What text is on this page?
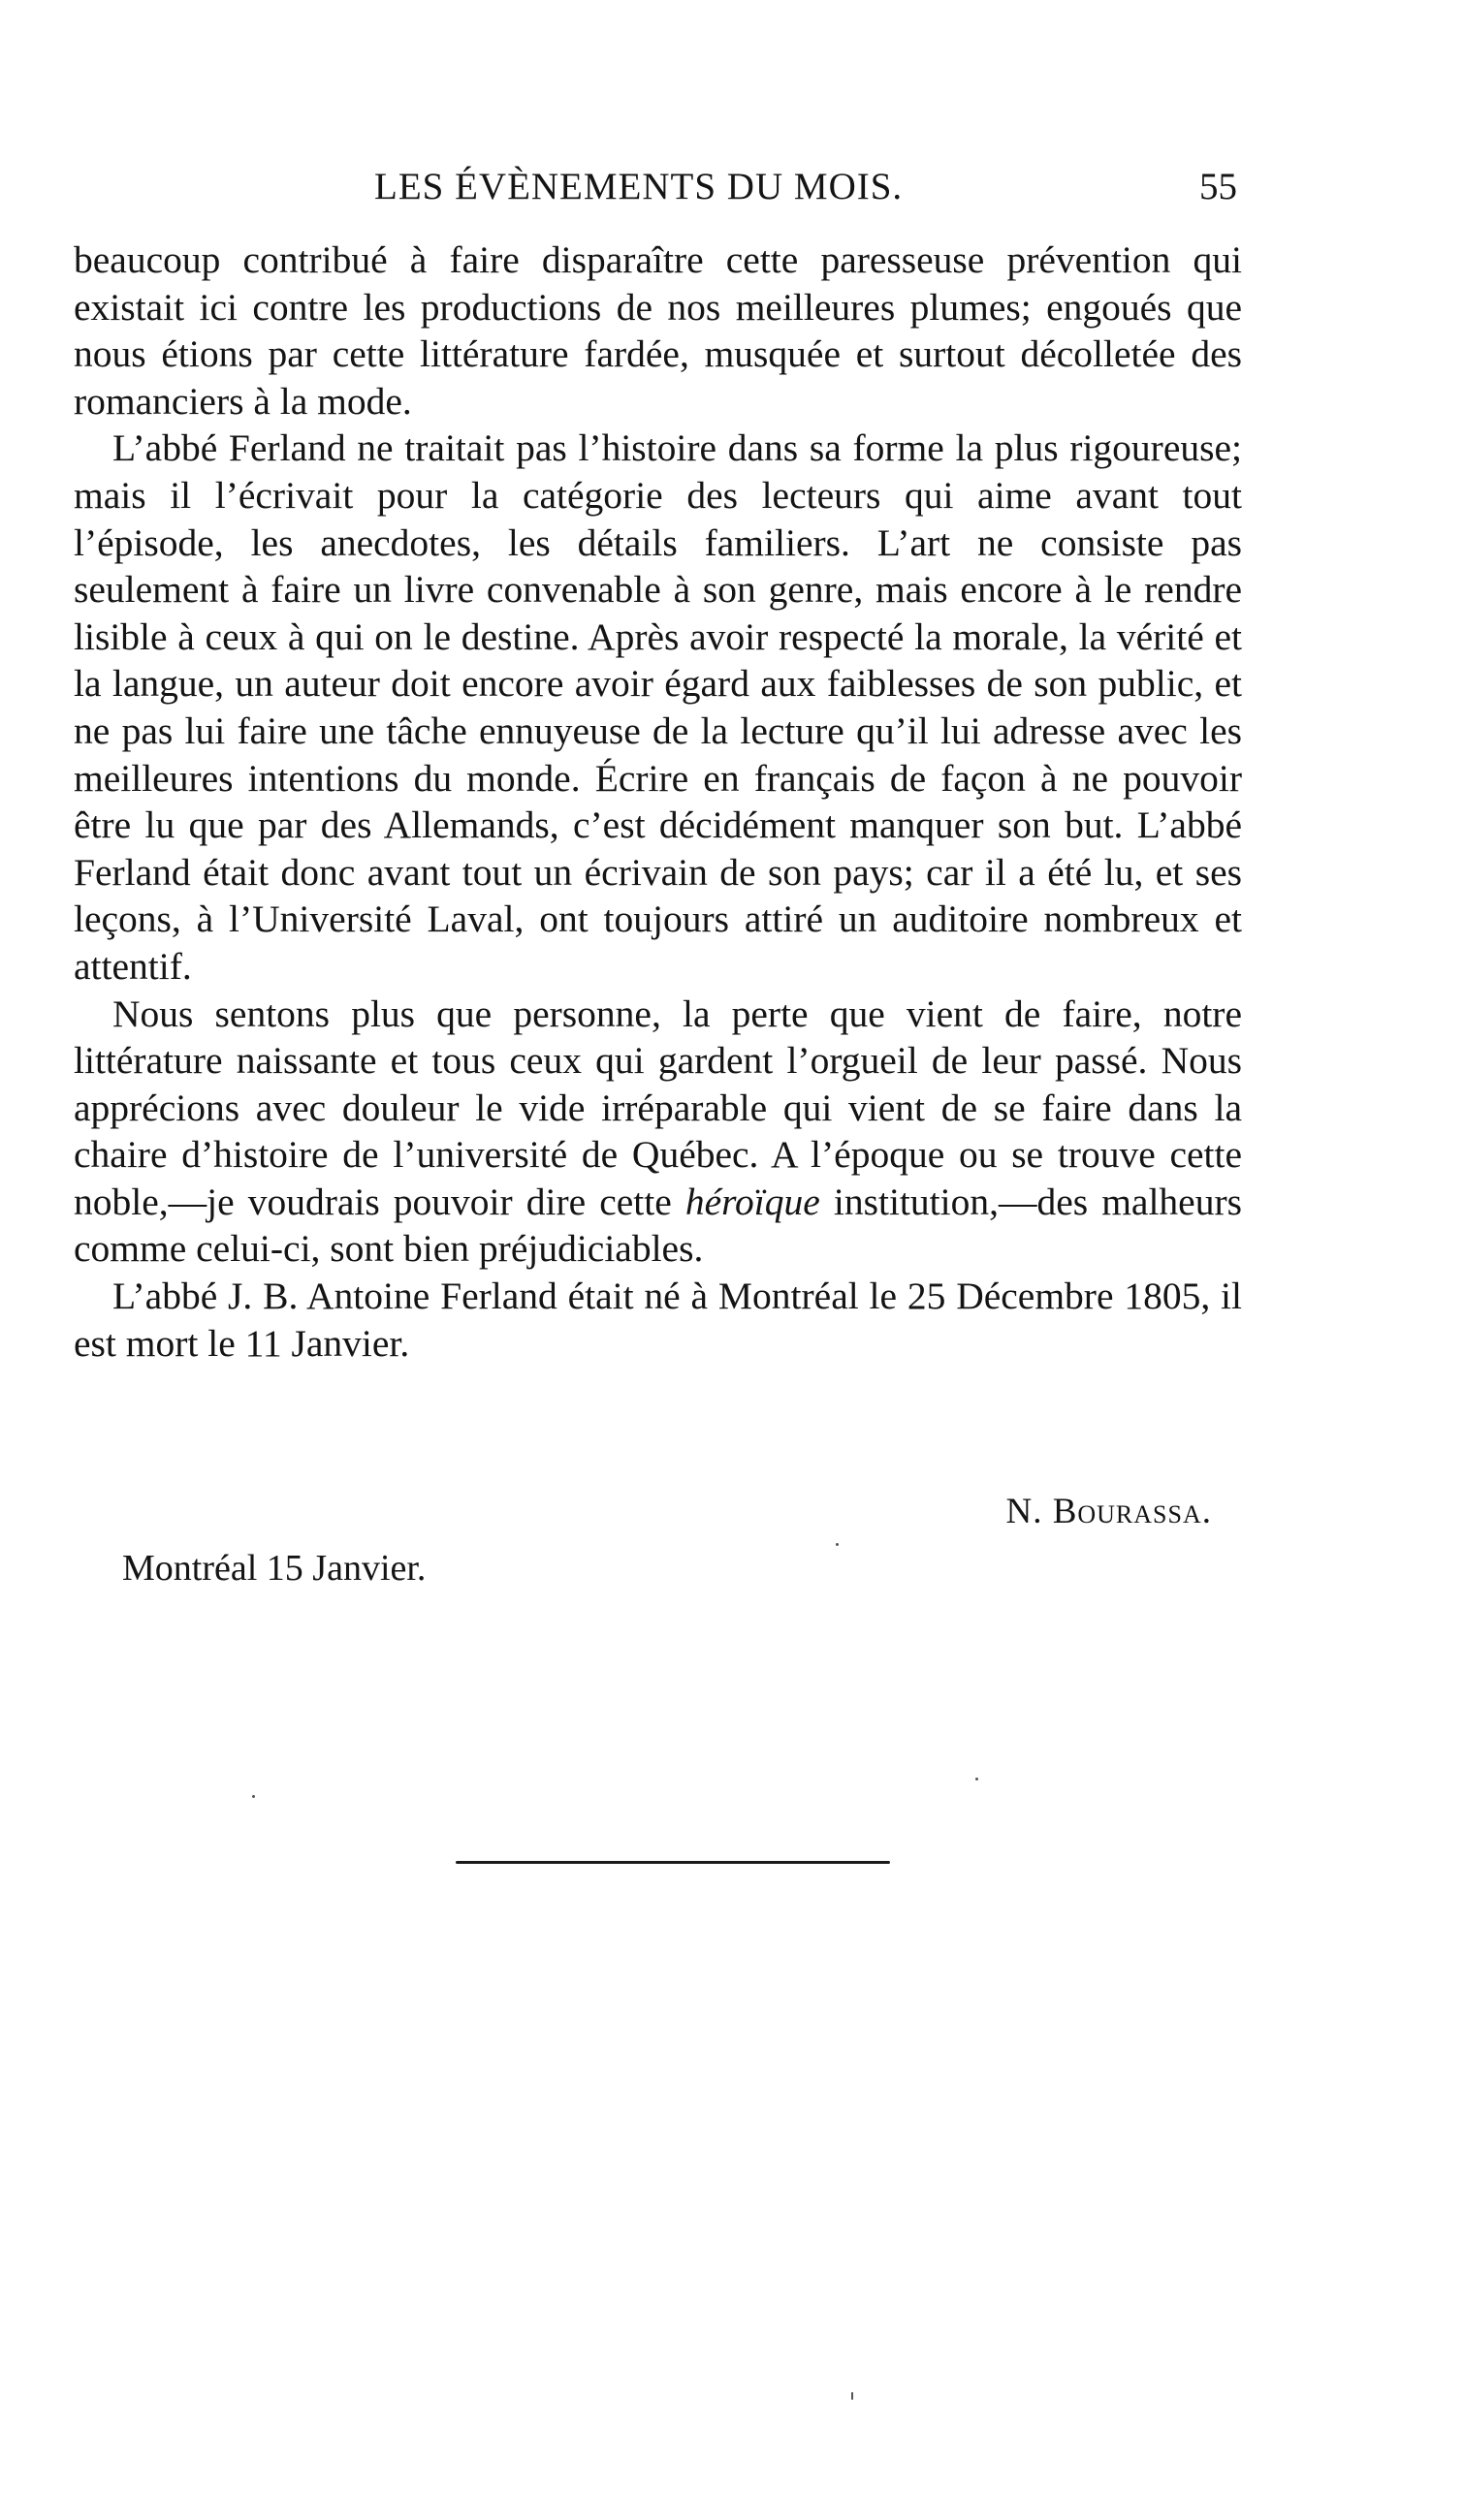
LES ÉVÈNEMENTS DU MOIS.	55

beaucoup contribué à faire disparaître cette paresseuse prévention qui existait ici contre les productions de nos meilleures plumes; engoués que nous étions par cette littérature fardée, musquée et surtout décolletée des romanciers à la mode.

L’abbé Ferland ne traitait pas l’histoire dans sa forme la plus rigoureuse; mais il l’écrivait pour la catégorie des lecteurs qui aime avant tout l’épisode, les anecdotes, les détails familiers. L’art ne consiste pas seulement à faire un livre convenable à son genre, mais encore à le rendre lisible à ceux à qui on le destine. Après avoir respecté la morale, la vérité et la langue, un auteur doit encore avoir égard aux faiblesses de son public, et ne pas lui faire une tâche ennuyeuse de la lecture qu’il lui adresse avec les meilleures intentions du monde. Écrire en français de façon à ne pouvoir être lu que par des Allemands, c’est décidément manquer son but. L’abbé Ferland était donc avant tout un écrivain de son pays; car il a été lu, et ses leçons, à l’Université Laval, ont toujours attiré un auditoire nombreux et attentif.

Nous sentons plus que personne, la perte que vient de faire, notre littérature naissante et tous ceux qui gardent l’orgueil de leur passé. Nous apprécions avec douleur le vide irréparable qui vient de se faire dans la chaire d’histoire de l’université de Québec. A l’époque ou se trouve cette noble,—je voudrais pouvoir dire cette héroïque institution,—des malheurs comme celui-ci, sont bien préjudiciables.

L’abbé J. B. Antoine Ferland était né à Montréal le 25 Décembre 1805, il est mort le 11 Janvier.

N. Bourassa.
Montréal 15 Janvier.
